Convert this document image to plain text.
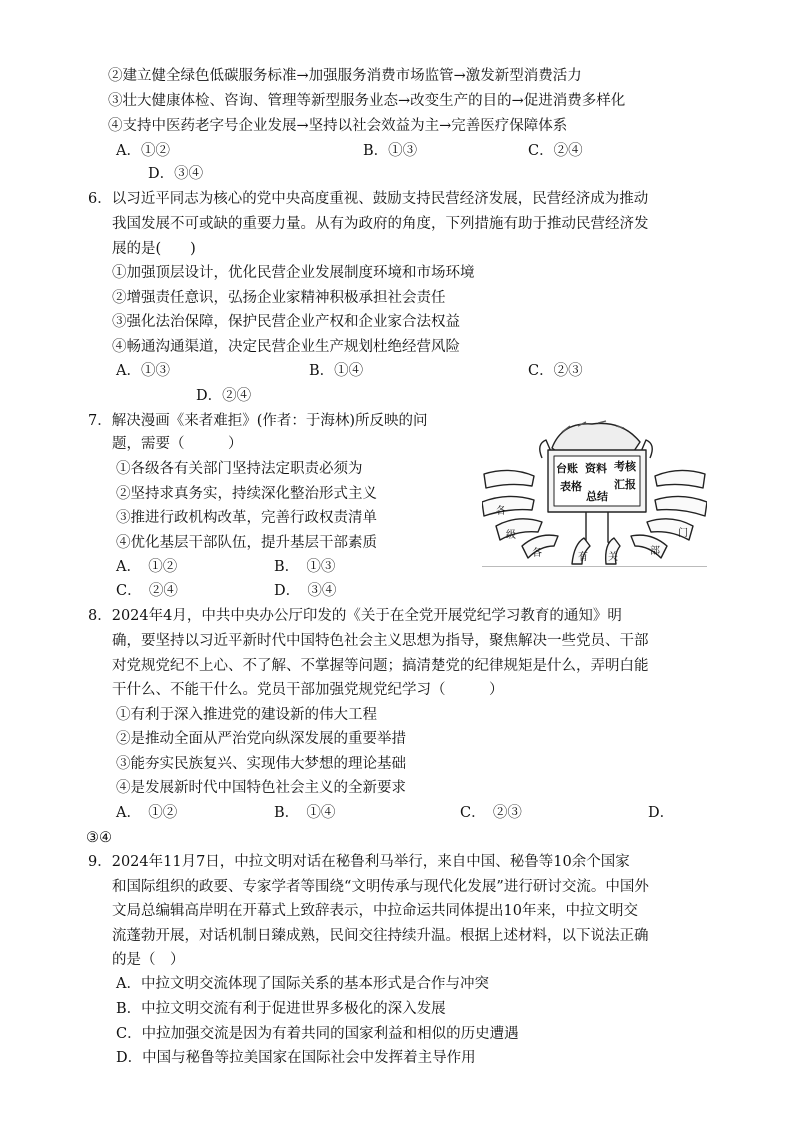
②建立健全绿色低碳服务标准→加强服务消费市场监管→激发新型消费活力
③壮大健康体检、咨询、管理等新型服务业态→改变生产的目的→促进消费多样化
④支持中医药老字号企业发展→坚持以社会效益为主→完善医疗保障体系
A．①②	B．①③	C．②④
D．③④
6．以习近平同志为核心的党中央高度重视、鼓励支持民营经济发展，民营经济成为推动
我国发展不可或缺的重要力量。从有为政府的角度，下列措施有助于推动民营经济发
展的是(　　)
①加强顶层设计，优化民营企业发展制度环境和市场环境
②增强责任意识，弘扬企业家精神积极承担社会责任
③强化法治保障，保护民营企业产权和企业家合法权益
④畅通沟通渠道，决定民营企业生产规划杜绝经营风险
A．①③	B．①④	C．②③
D．②④
7．解决漫画《来者难拒》(作者：于海林)所反映的问
题，需要（　　　）
①各级各有关部门坚持法定职责必须为
②坚持求真务实，持续深化整治形式主义
③推进行政机构改革，完善行政权责清单
④优化基层干部队伍，提升基层干部素质
A．　①②	B．　①③
C．　②④	D．　③④
台账 资料 考核
表格
总结
汇报
各
级
各	有 关
部
门
8．2024年4月，中共中央办公厅印发的《关于在全党开展党纪学习教育的通知》明
确，要坚持以习近平新时代中国特色社会主义思想为指导，聚焦解决一些党员、干部
对党规党纪不上心、不了解、不掌握等问题；搞清楚党的纪律规矩是什么，弄明白能
干什么、不能干什么。党员干部加强党规党纪学习（　　　）
①有利于深入推进党的建设新的伟大工程
②是推动全面从严治党向纵深发展的重要举措
③能夯实民族复兴、实现伟大梦想的理论基础
④是发展新时代中国特色社会主义的全新要求
A．　①②	B．　①④	C．　②③	D．
③④
9．2024年11月7日，中拉文明对话在秘鲁利马举行，来自中国、秘鲁等10余个国家
和国际组织的政要、专家学者等围绕“文明传承与现代化发展”进行研讨交流。中国外
文局总编辑高岸明在开幕式上致辞表示，中拉命运共同体提出10年来，中拉文明交
流蓬勃开展，对话机制日臻成熟，民间交往持续升温。根据上述材料，以下说法正确
的是（　）
A．中拉文明交流体现了国际关系的基本形式是合作与冲突
B．中拉文明交流有利于促进世界多极化的深入发展
C．中拉加强交流是因为有着共同的国家利益和相似的历史遭遇
D．中国与秘鲁等拉美国家在国际社会中发挥着主导作用
